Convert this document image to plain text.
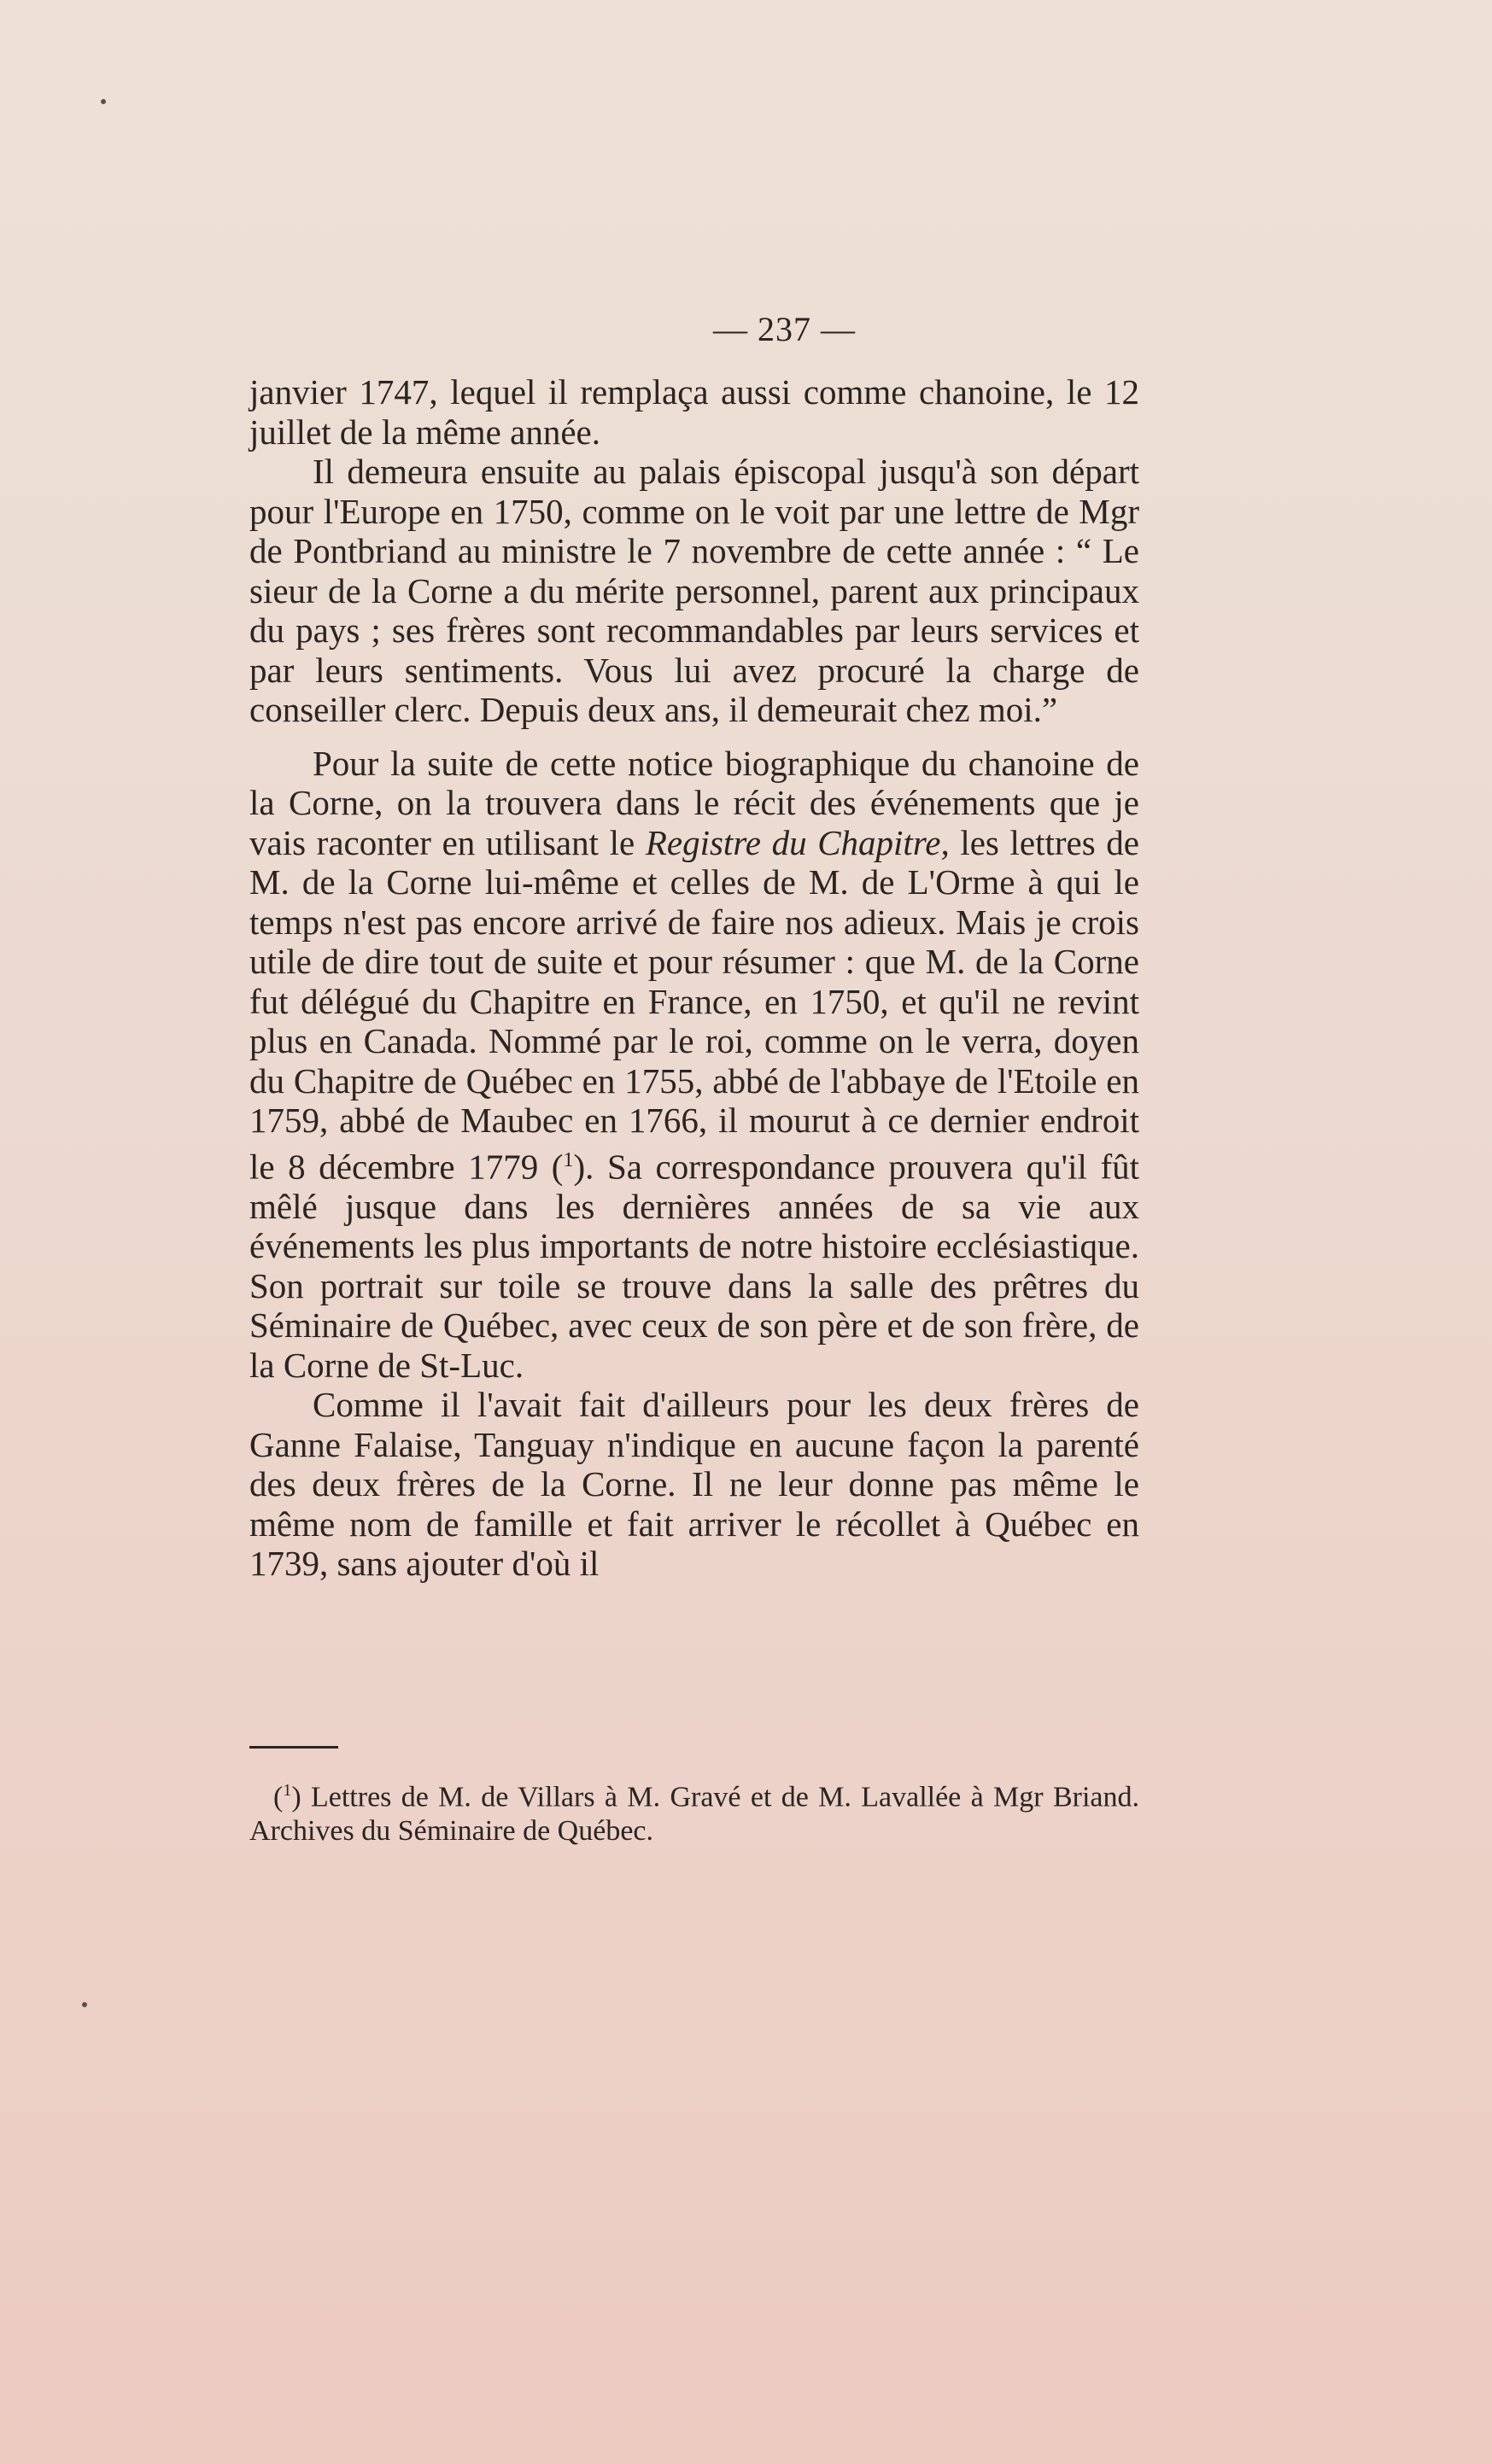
— 237 —

janvier 1747, lequel il remplaça aussi comme chanoine, le 12 juillet de la même année.

Il demeura ensuite au palais épiscopal jusqu'à son départ pour l'Europe en 1750, comme on le voit par une lettre de Mgr de Pontbriand au ministre le 7 novembre de cette année : “ Le sieur de la Corne a du mérite personnel, parent aux principaux du pays ; ses frères sont recommandables par leurs services et par leurs sentiments. Vous lui avez procuré la charge de conseiller clerc. Depuis deux ans, il demeurait chez moi.”

Pour la suite de cette notice biographique du chanoine de la Corne, on la trouvera dans le récit des événements que je vais raconter en utilisant le Registre du Chapitre, les lettres de M. de la Corne lui-même et celles de M. de L'Orme à qui le temps n'est pas encore arrivé de faire nos adieux. Mais je crois utile de dire tout de suite et pour résumer : que M. de la Corne fut délégué du Chapitre en France, en 1750, et qu'il ne revint plus en Canada. Nommé par le roi, comme on le verra, doyen du Chapitre de Québec en 1755, abbé de l'abbaye de l'Etoile en 1759, abbé de Maubec en 1766, il mourut à ce dernier endroit le 8 décembre 1779 ($^1$). Sa correspondance prouvera qu'il fût mêlé jusque dans les dernières années de sa vie aux événements les plus importants de notre histoire ecclésiastique. Son portrait sur toile se trouve dans la salle des prêtres du Séminaire de Québec, avec ceux de son père et de son frère, de la Corne de St-Luc.

Comme il l'avait fait d'ailleurs pour les deux frères de Ganne Falaise, Tanguay n'indique en aucune façon la parenté des deux frères de la Corne. Il ne leur donne pas même le même nom de famille et fait arriver le récollet à Québec en 1739, sans ajouter d'où il

($^1$) Lettres de M. de Villars à M. Gravé et de M. Lavallée à Mgr Briand. Archives du Séminaire de Québec.
